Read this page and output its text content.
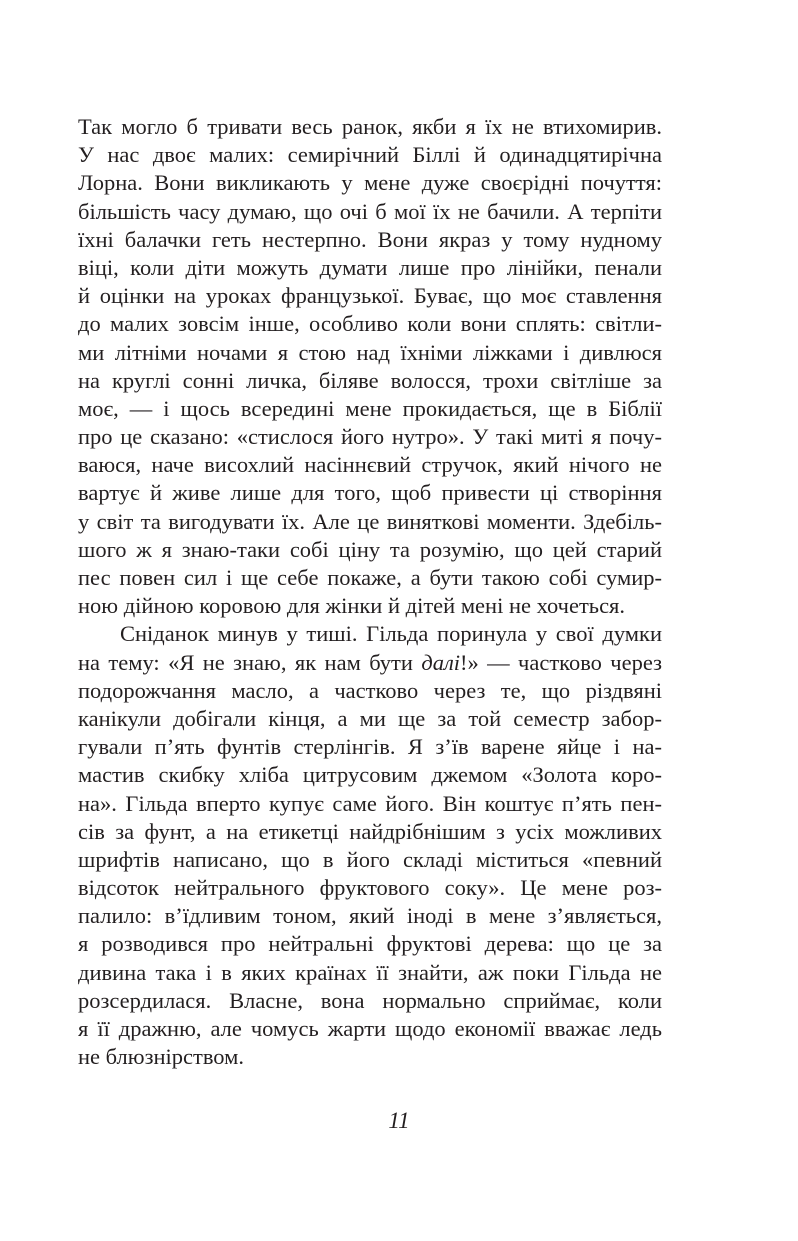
Так могло б тривати весь ранок, якби я їх не втихомирив.
У нас двоє малих: семирічний Біллі й одинадцятирічна
Лорна. Вони викликають у мене дуже своєрідні почуття:
більшість часу думаю, що очі б мої їх не бачили. А терпіти
їхні балачки геть нестерпно. Вони якраз у тому нудному
віці, коли діти можуть думати лише про лінійки, пенали
й оцінки на уроках французької. Буває, що моє ставлення
до малих зовсім інше, особливо коли вони сплять: світли-
ми літніми ночами я стою над їхніми ліжками і дивлюся
на круглі сонні личка, біляве волосся, трохи світліше за
моє, — і щось всередині мене прокидається, ще в Біблії
про це сказано: «стислося його нутро». У такі миті я почу-
ваюся, наче висохлий насіннєвий стручок, який нічого не
вартує й живе лише для того, щоб привести ці створіння
у світ та вигодувати їх. Але це виняткові моменти. Здебіль-
шого ж я знаю-таки собі ціну та розумію, що цей старий
пес повен сил і ще себе покаже, а бути такою собі сумир-
ною дійною коровою для жінки й дітей мені не хочеться.
Сніданок минув у тиші. Гільда поринула у свої думки
на тему: «Я не знаю, як нам бути далі!» — частково через
подорожчання масло, а частково через те, що різдвяні
канікули добігали кінця, а ми ще за той семестр забор-
гували п’ять фунтів стерлінгів. Я з’їв варене яйце і на-
мастив скибку хліба цитрусовим джемом «Золота коро-
на». Гільда вперто купує саме його. Він коштує п’ять пен-
сів за фунт, а на етикетці найдрібнішим з усіх можливих
шрифтів написано, що в його складі міститься «певний
відсоток нейтрального фруктового соку». Це мене роз-
палило: в’їдливим тоном, який іноді в мене з’являється,
я розводився про нейтральні фруктові дерева: що це за
дивина така і в яких країнах її знайти, аж поки Гільда не
розсердилася. Власне, вона нормально сприймає, коли
я її дражню, але чомусь жарти щодо економії вважає ледь
не блюзнірством.
11
